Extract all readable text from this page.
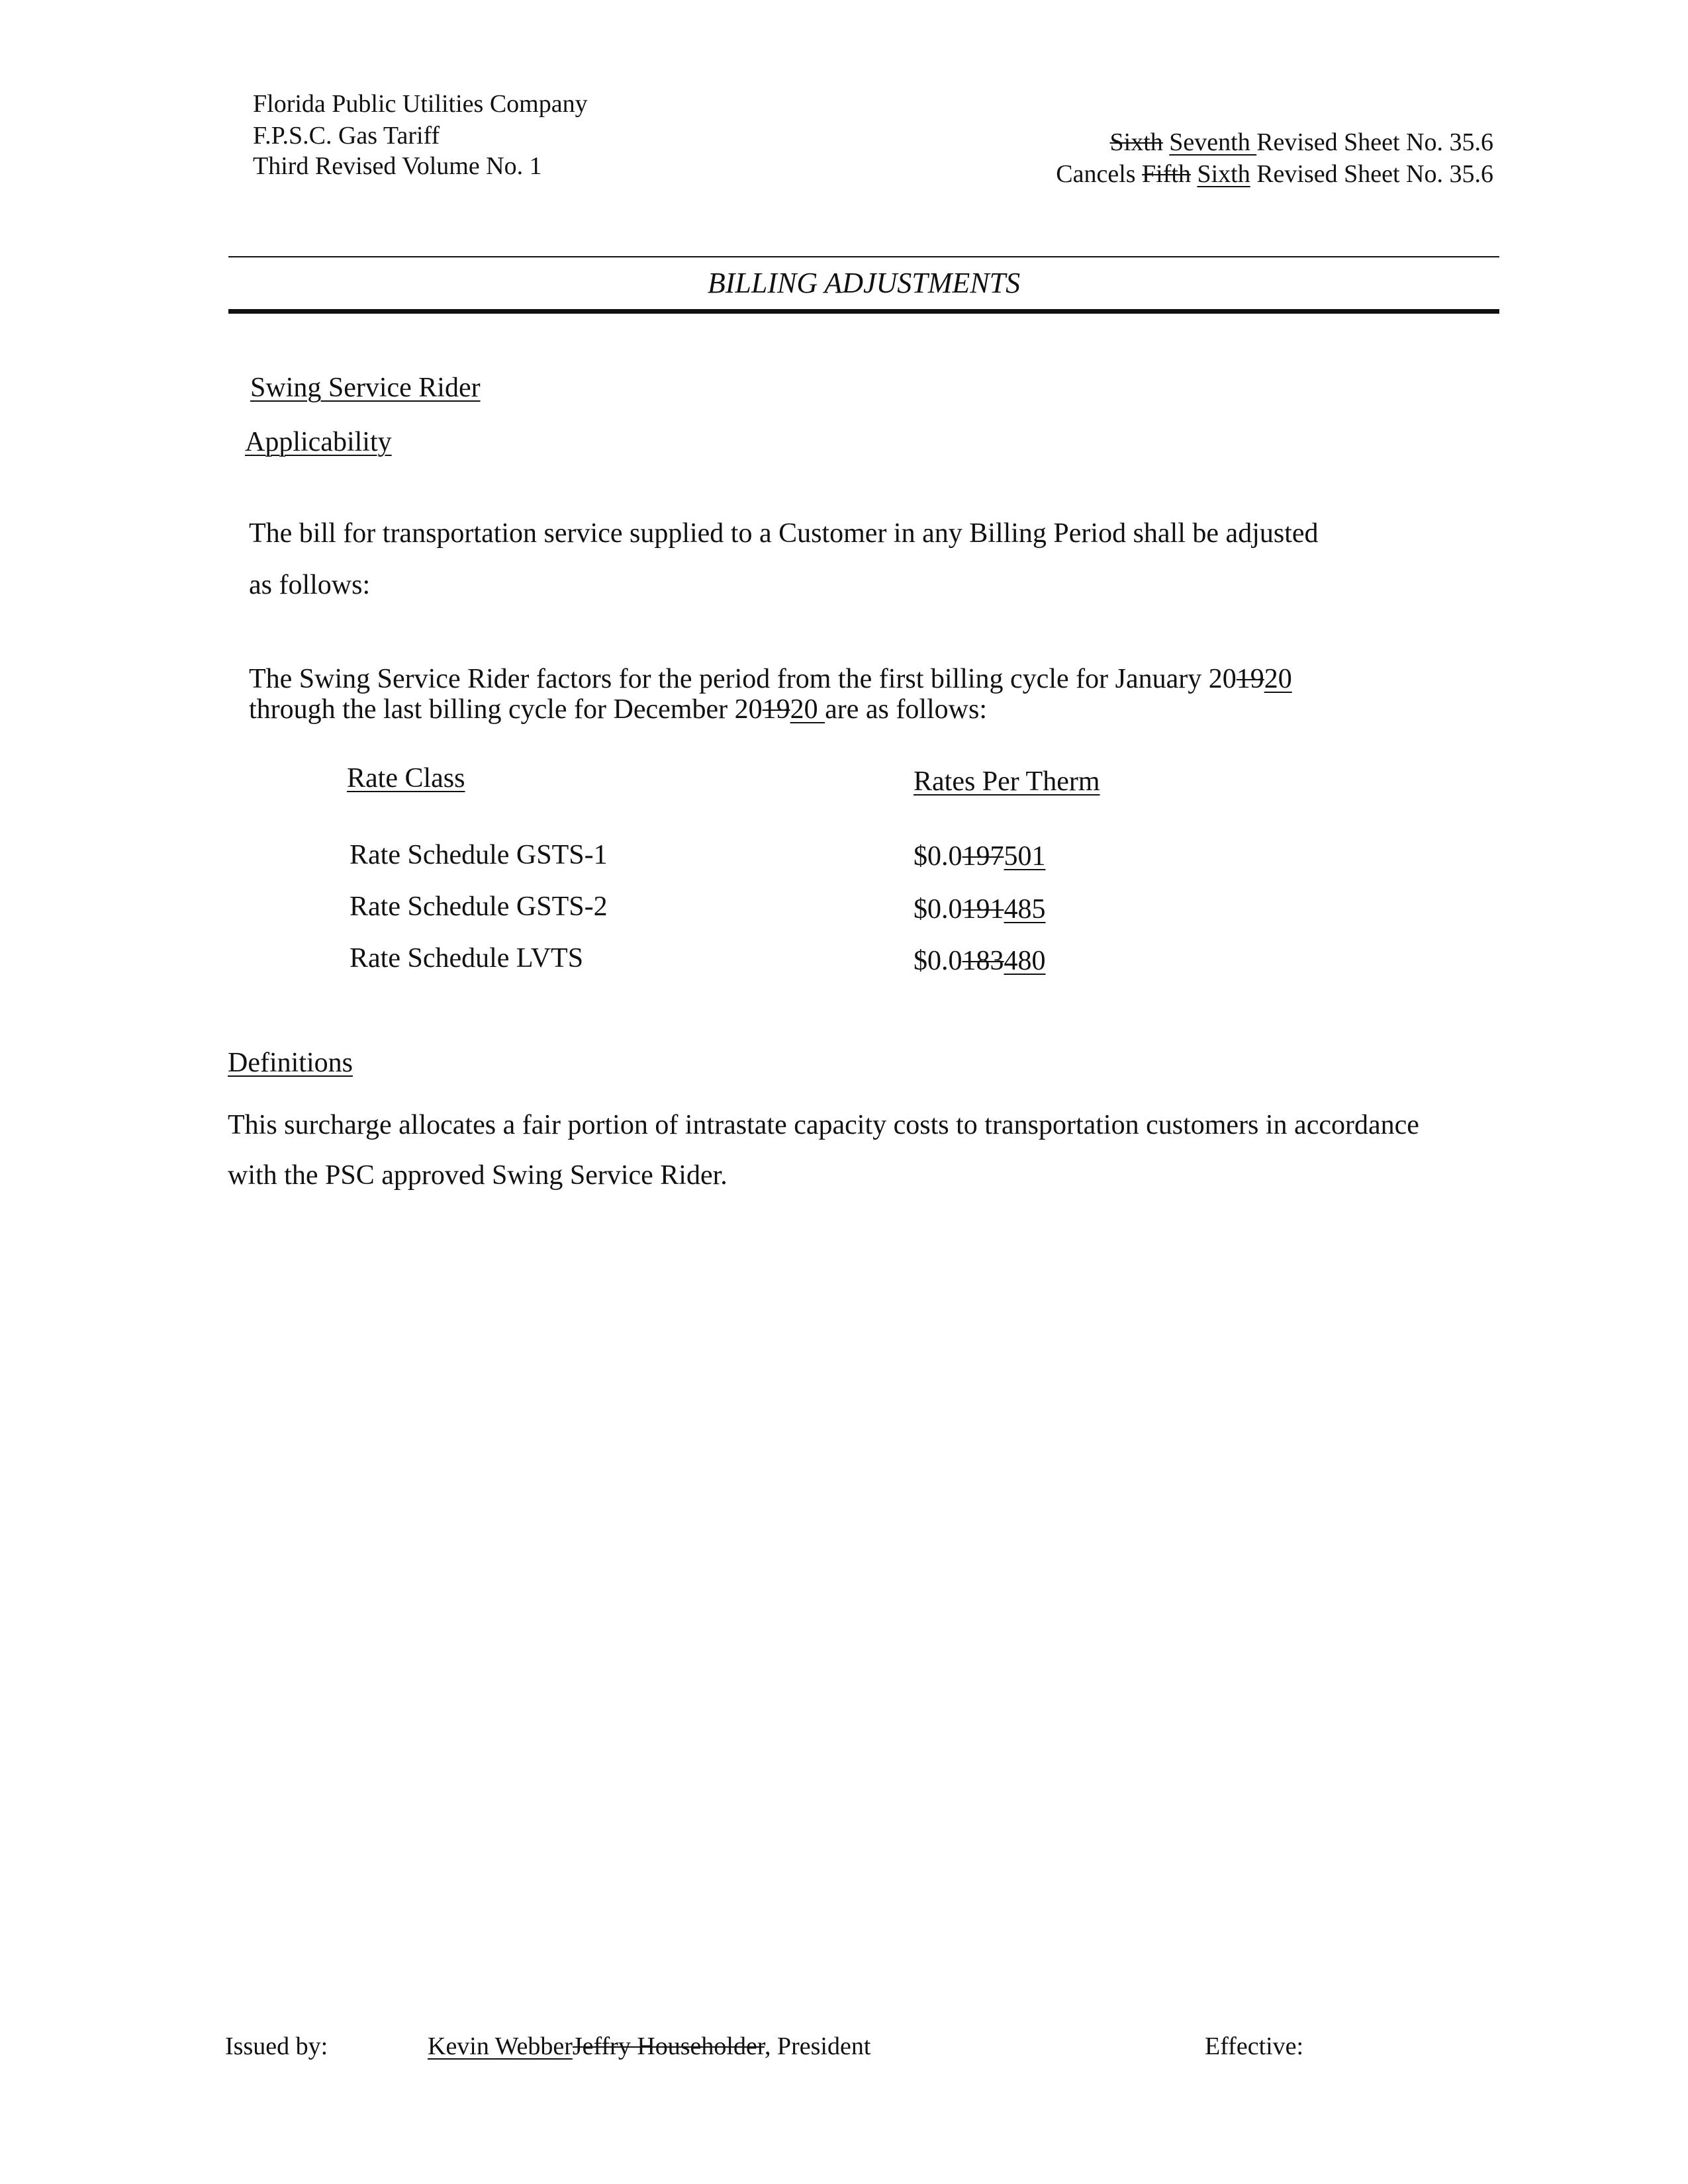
Florida Public Utilities Company
F.P.S.C. Gas Tariff
Third Revised Volume No. 1
Sixth Seventh Revised Sheet No. 35.6
Cancels Fifth Sixth Revised Sheet No. 35.6
BILLING ADJUSTMENTS
Swing Service Rider
Applicability
The bill for transportation service supplied to a Customer in any Billing Period shall be adjusted
as follows:
The Swing Service Rider factors for the period from the first billing cycle for January 201920
through the last billing cycle for December 201920 are as follows:
Rate Class	Rates Per Therm
Rate Schedule GSTS-1	$0.0197501
Rate Schedule GSTS-2	$0.0191485
Rate Schedule LVTS	$0.0183480
Definitions
This surcharge allocates a fair portion of intrastate capacity costs to transportation customers in accordance
with the PSC approved Swing Service Rider.
Issued by:	Kevin WebberJeffry Householder, President	Effective:
